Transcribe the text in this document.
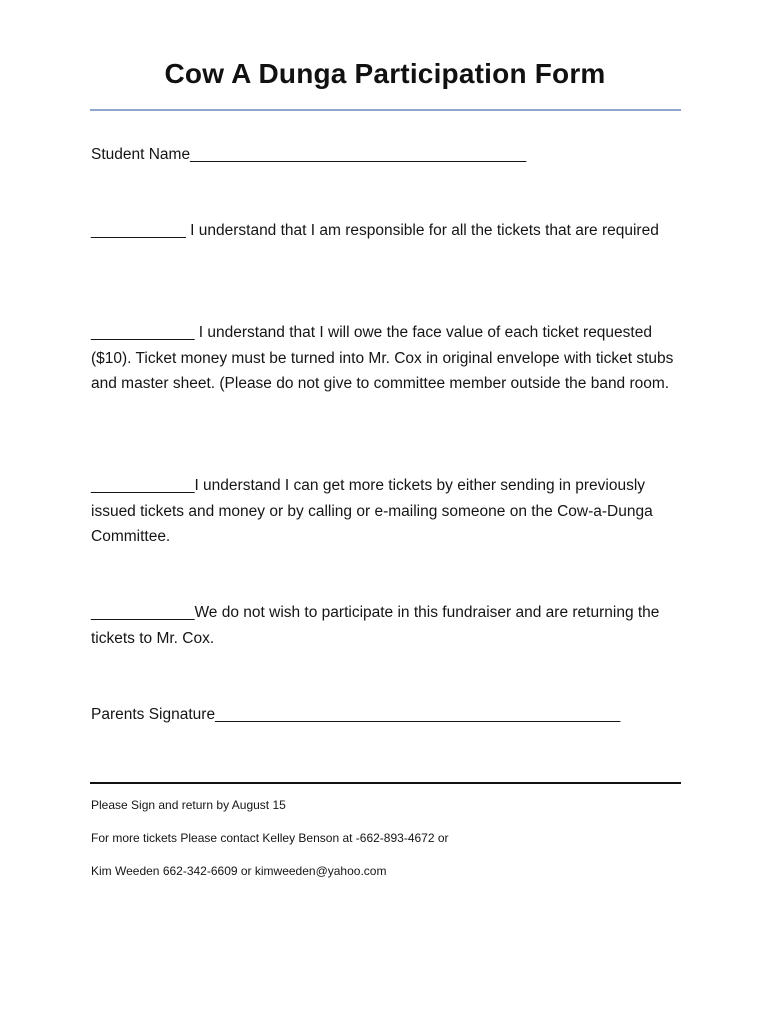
Cow A Dunga Participation Form
Student Name_______________________________________
___________ I understand that I am responsible for all the tickets that are required
____________ I understand that I will owe the face value of each ticket requested ($10). Ticket money must be turned into Mr. Cox in original envelope with ticket stubs and master sheet. (Please do not give to committee member outside the band room.
____________I understand I can get more tickets by either sending in previously issued tickets and money or by calling or e-mailing someone on the Cow-a-Dunga Committee.
____________We do not wish to participate in this fundraiser and are returning the tickets to Mr. Cox.
Parents Signature_______________________________________________
Please Sign and return by August 15
For more tickets Please contact Kelley Benson at -662-893-4672 or
Kim Weeden 662-342-6609 or kimweeden@yahoo.com
